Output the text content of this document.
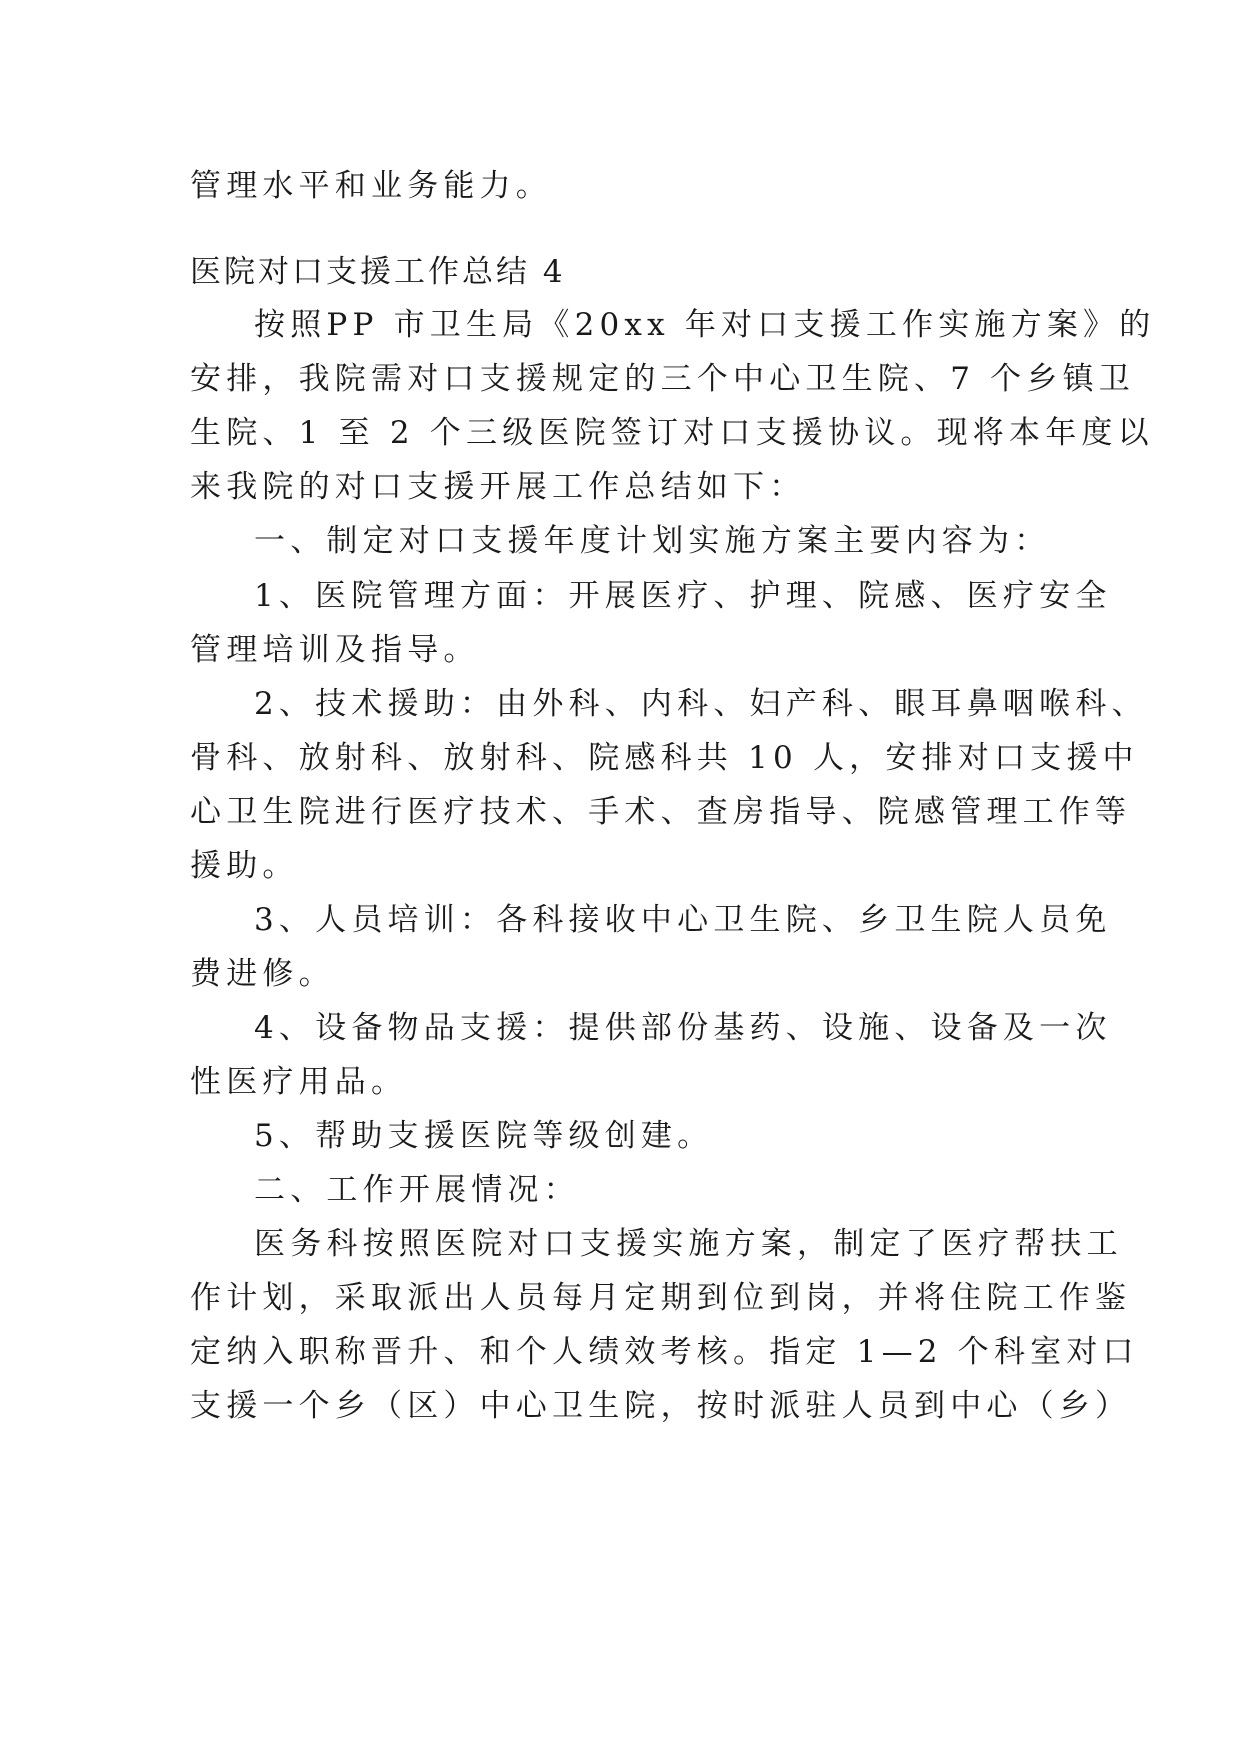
管理水平和业务能力。
医院对口支援工作总结 4
按照PP 市卫生局《20xx 年对口支援工作实施方案》的
安排，我院需对口支援规定的三个中心卫生院、7 个乡镇卫
生院、1 至 2 个三级医院签订对口支援协议。现将本年度以
来我院的对口支援开展工作总结如下：
一、制定对口支援年度计划实施方案主要内容为：
1、医院管理方面：开展医疗、护理、院感、医疗安全
管理培训及指导。
2、技术援助：由外科、内科、妇产科、眼耳鼻咽喉科、
骨科、放射科、放射科、院感科共 10 人，安排对口支援中
心卫生院进行医疗技术、手术、查房指导、院感管理工作等
援助。
3、人员培训：各科接收中心卫生院、乡卫生院人员免
费进修。
4、设备物品支援：提供部份基药、设施、设备及一次
性医疗用品。
5、帮助支援医院等级创建。
二、工作开展情况：
医务科按照医院对口支援实施方案，制定了医疗帮扶工
作计划，采取派出人员每月定期到位到岗，并将住院工作鉴
定纳入职称晋升、和个人绩效考核。指定 1—2 个科室对口
支援一个乡（区）中心卫生院，按时派驻人员到中心（乡）
